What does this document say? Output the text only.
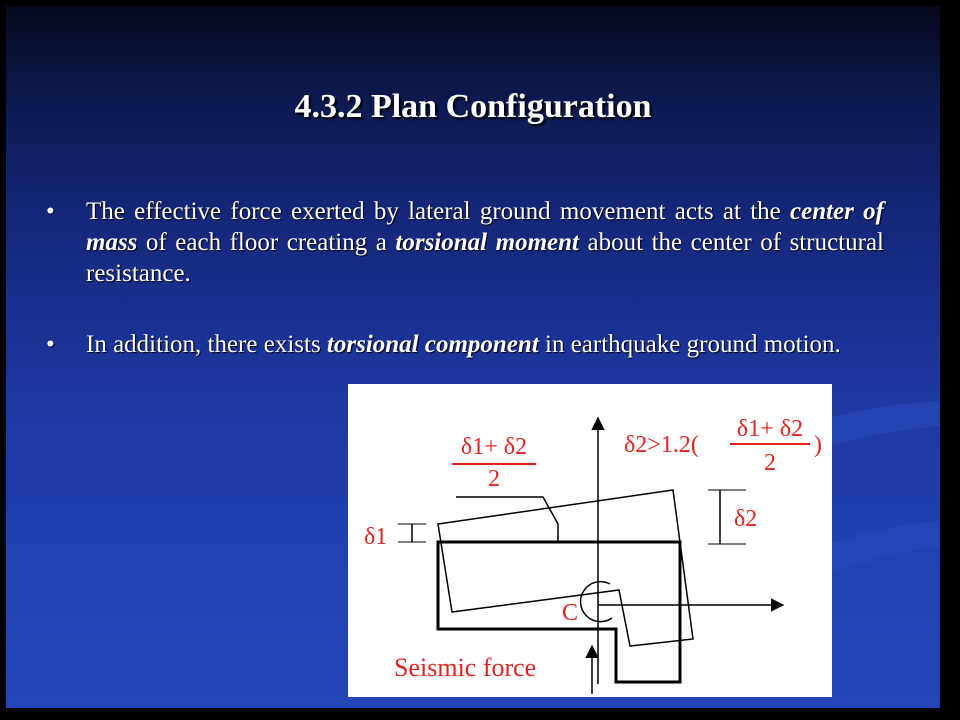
4.3.2 Plan Configuration
• The effective force exerted by lateral ground movement acts at the center of mass of each floor creating a torsional moment about the center of structural resistance.
• In addition, there exists torsional component in earthquake ground motion.
δ1+ δ2
2
δ2>1.2(
δ1+ δ2
2
)
δ1
δ2
C
Seismic force
